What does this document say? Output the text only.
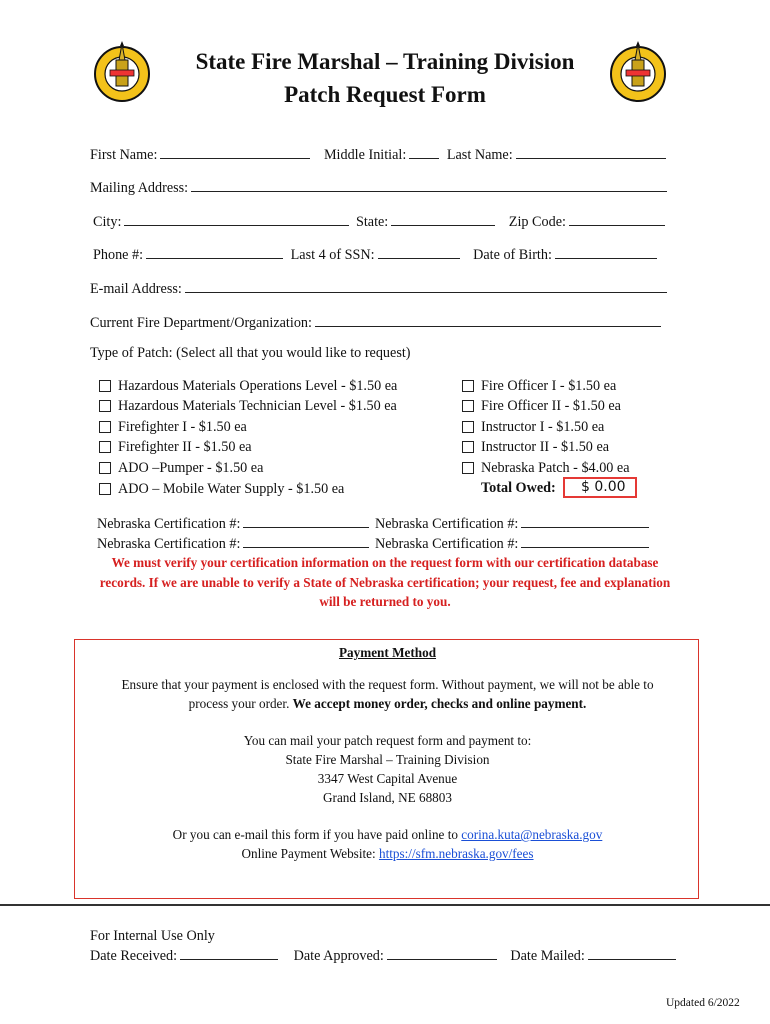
State Fire Marshal – Training Division
Patch Request Form
First Name:	Middle Initial:	Last Name:
Mailing Address:
City:	State:	Zip Code:
Phone #:	Last 4 of SSN:	Date of Birth:
E-mail Address:
Current Fire Department/Organization:
Type of Patch: (Select all that you would like to request)
Hazardous Materials Operations Level - $1.50 ea
Hazardous Materials Technician Level - $1.50 ea
Firefighter I - $1.50 ea
Firefighter II - $1.50 ea
ADO –Pumper - $1.50 ea
ADO – Mobile Water Supply - $1.50 ea
Fire Officer I - $1.50 ea
Fire Officer II - $1.50 ea
Instructor I - $1.50 ea
Instructor II - $1.50 ea
Nebraska Patch - $4.00 ea
Total Owed:	$ 0.00
Nebraska Certification #:	Nebraska Certification #:
Nebraska Certification #:	Nebraska Certification #:
We must verify your certification information on the request form with our certification database records. If we are unable to verify a State of Nebraska certification; your request, fee and explanation will be returned to you.
Payment Method
Ensure that your payment is enclosed with the request form. Without payment, we will not be able to
process your order. We accept money order, checks and online payment.
You can mail your patch request form and payment to:
State Fire Marshal – Training Division
3347 West Capital Avenue
Grand Island, NE 68803
Or you can e-mail this form if you have paid online to corina.kuta@nebraska.gov
Online Payment Website: https://sfm.nebraska.gov/fees
For Internal Use Only
Date Received:	Date Approved:	Date Mailed:
Updated 6/2022
